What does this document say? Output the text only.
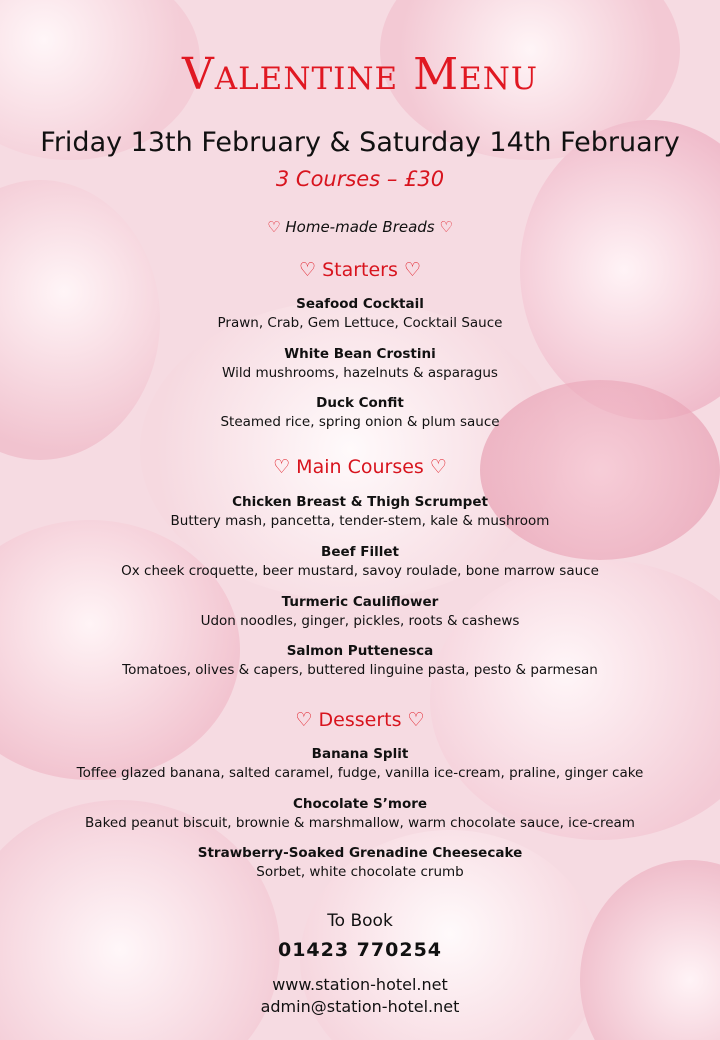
Valentine Menu
Friday 13th February & Saturday 14th February
3 Courses – £30
♡ Home-made Breads ♡
♡ Starters ♡
Seafood Cocktail
Prawn, Crab, Gem Lettuce, Cocktail Sauce
White Bean Crostini
Wild mushrooms, hazelnuts & asparagus
Duck Confit
Steamed rice, spring onion & plum sauce
♡ Main Courses ♡
Chicken Breast & Thigh Scrumpet
Buttery mash, pancetta, tender-stem, kale & mushroom
Beef Fillet
Ox cheek croquette, beer mustard, savoy roulade, bone marrow sauce
Turmeric Cauliflower
Udon noodles, ginger, pickles, roots & cashews
Salmon Puttenesca
Tomatoes, olives & capers, buttered linguine pasta, pesto & parmesan
♡ Desserts ♡
Banana Split
Toffee glazed banana, salted caramel, fudge, vanilla ice-cream, praline, ginger cake
Chocolate S’more
Baked peanut biscuit, brownie & marshmallow, warm chocolate sauce, ice-cream
Strawberry-Soaked Grenadine Cheesecake
Sorbet, white chocolate crumb
To Book
01423 770254
www.station-hotel.net
admin@station-hotel.net
